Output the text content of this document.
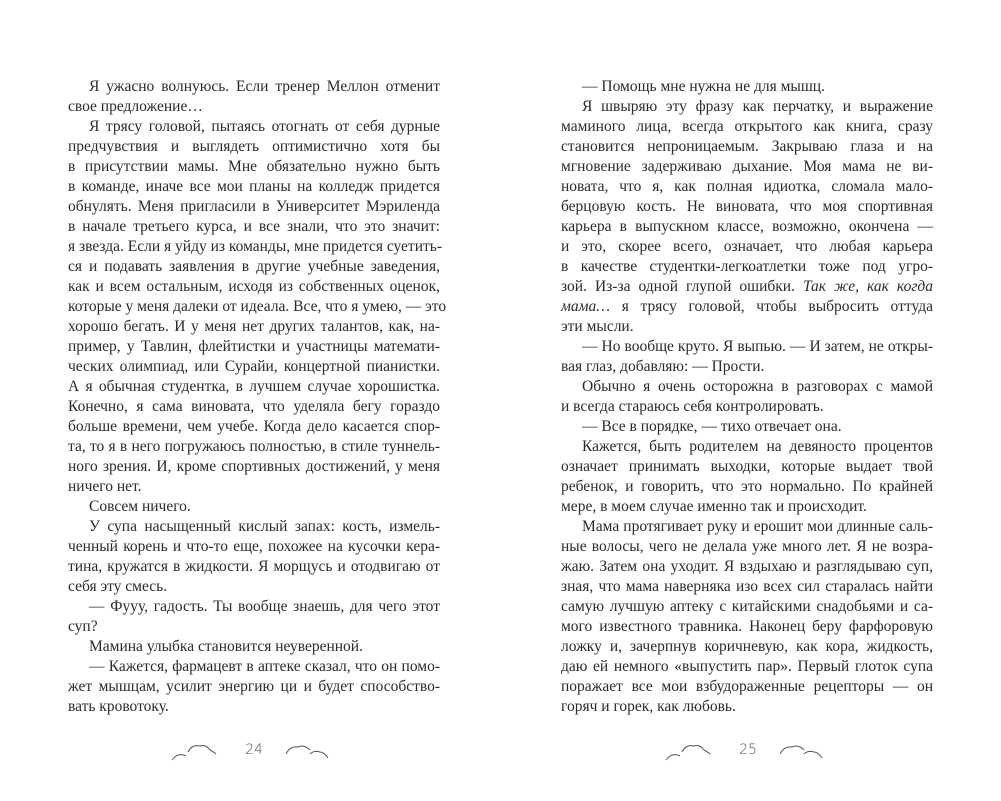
Я ужасно волнуюсь. Если тренер Меллон отменит
свое предложение…
Я трясу головой, пытаясь отогнать от себя дурные
предчувствия и выглядеть оптимистично хотя бы
в присутствии мамы. Мне обязательно нужно быть
в команде, иначе все мои планы на колледж придется
обнулять. Меня пригласили в Университет Мэриленда
в начале третьего курса, и все знали, что это значит:
я звезда. Если я уйду из команды, мне придется суетить-
ся и подавать заявления в другие учебные заведения,
как и всем остальным, исходя из собственных оценок,
которые у меня далеки от идеала. Все, что я умею, — это
хорошо бегать. И у меня нет других талантов, как, на-
пример, у Тавлин, флейтистки и участницы математи-
ческих олимпиад, или Сурайи, концертной пианистки.
А я обычная студентка, в лучшем случае хорошистка.
Конечно, я сама виновата, что уделяла бегу гораздо
больше времени, чем учебе. Когда дело касается спор-
та, то я в него погружаюсь полностью, в стиле туннель-
ного зрения. И, кроме спортивных достижений, у меня
ничего нет.
Совсем ничего.
У супа насыщенный кислый запах: кость, измель-
ченный корень и что-то еще, похожее на кусочки кера-
тина, кружатся в жидкости. Я морщусь и отодвигаю от
себя эту смесь.
— Фууу, гадость. Ты вообще знаешь, для чего этот
суп?
Мамина улыбка становится неуверенной.
— Кажется, фармацевт в аптеке сказал, что он помо-
жет мышцам, усилит энергию ци и будет способство-
вать кровотоку.
— Помощь мне нужна не для мышц.
Я швыряю эту фразу как перчатку, и выражение
маминого лица, всегда открытого как книга, сразу
становится непроницаемым. Закрываю глаза и на
мгновение задерживаю дыхание. Моя мама не ви-
новата, что я, как полная идиотка, сломала мало-
берцовую кость. Не виновата, что моя спортивная
карьера в выпускном классе, возможно, окончена —
и это, скорее всего, означает, что любая карьера
в качестве студентки-легкоатлетки тоже под угро-
зой. Из-за одной глупой ошибки. Так же, как когда
мама… я трясу головой, чтобы выбросить оттуда
эти мысли.
— Но вообще круто. Я выпью. — И затем, не откры-
вая глаз, добавляю: — Прости.
Обычно я очень осторожна в разговорах с мамой
и всегда стараюсь себя контролировать.
— Все в порядке, — тихо отвечает она.
Кажется, быть родителем на девяносто процентов
означает принимать выходки, которые выдает твой
ребенок, и говорить, что это нормально. По крайней
мере, в моем случае именно так и происходит.
Мама протягивает руку и ерошит мои длинные саль-
ные волосы, чего не делала уже много лет. Я не возра-
жаю. Затем она уходит. Я вздыхаю и разглядываю суп,
зная, что мама наверняка изо всех сил старалась найти
самую лучшую аптеку с китайскими снадобьями и са-
мого известного травника. Наконец беру фарфоровую
ложку и, зачерпнув коричневую, как кора, жидкость,
даю ей немного «выпустить пар». Первый глоток супа
поражает все мои взбудораженные рецепторы — он
горяч и горек, как любовь.
24	25
